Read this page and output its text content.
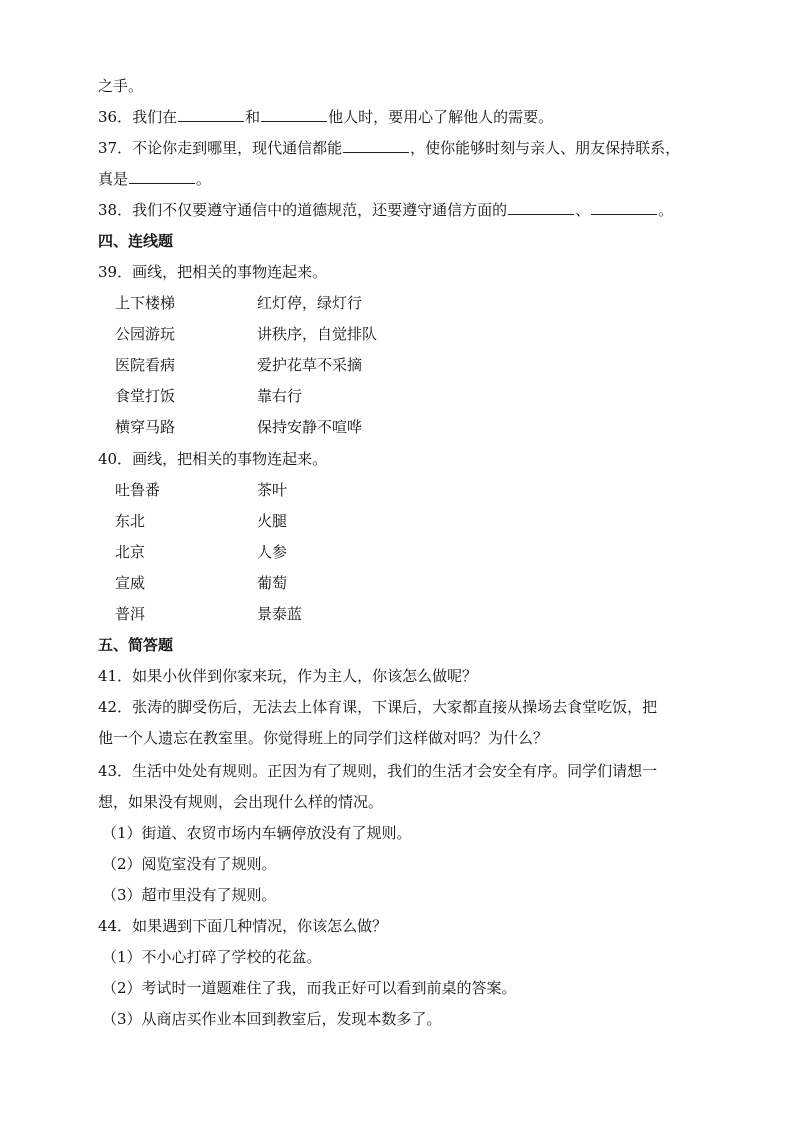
之手。
36．我们在	和	他人时，要用心了解他人的需要。
37．不论你走到哪里，现代通信都能	，使你能够时刻与亲人、朋友保持联系，
真是	。
38．我们不仅要遵守通信中的道德规范，还要遵守通信方面的	、	。
四、连线题
39．画线，把相关的事物连起来。
上下楼梯	红灯停，绿灯行
公园游玩	讲秩序，自觉排队
医院看病	爱护花草不采摘
食堂打饭	靠右行
横穿马路	保持安静不喧哗
40．画线，把相关的事物连起来。
吐鲁番	茶叶
东北	火腿
北京	人参
宣威	葡萄
普洱	景泰蓝
五、简答题
41．如果小伙伴到你家来玩，作为主人，你该怎么做呢？
42．张涛的脚受伤后，无法去上体育课，下课后，大家都直接从操场去食堂吃饭，把
他一个人遗忘在教室里。你觉得班上的同学们这样做对吗？为什么？
43．生活中处处有规则。正因为有了规则，我们的生活才会安全有序。同学们请想一
想，如果没有规则，会出现什么样的情况。
（1）街道、农贸市场内车辆停放没有了规则。
（2）阅览室没有了规则。
（3）超市里没有了规则。
44．如果遇到下面几种情况，你该怎么做？
（1）不小心打碎了学校的花盆。
（2）考试时一道题难住了我，而我正好可以看到前桌的答案。
（3）从商店买作业本回到教室后，发现本数多了。
